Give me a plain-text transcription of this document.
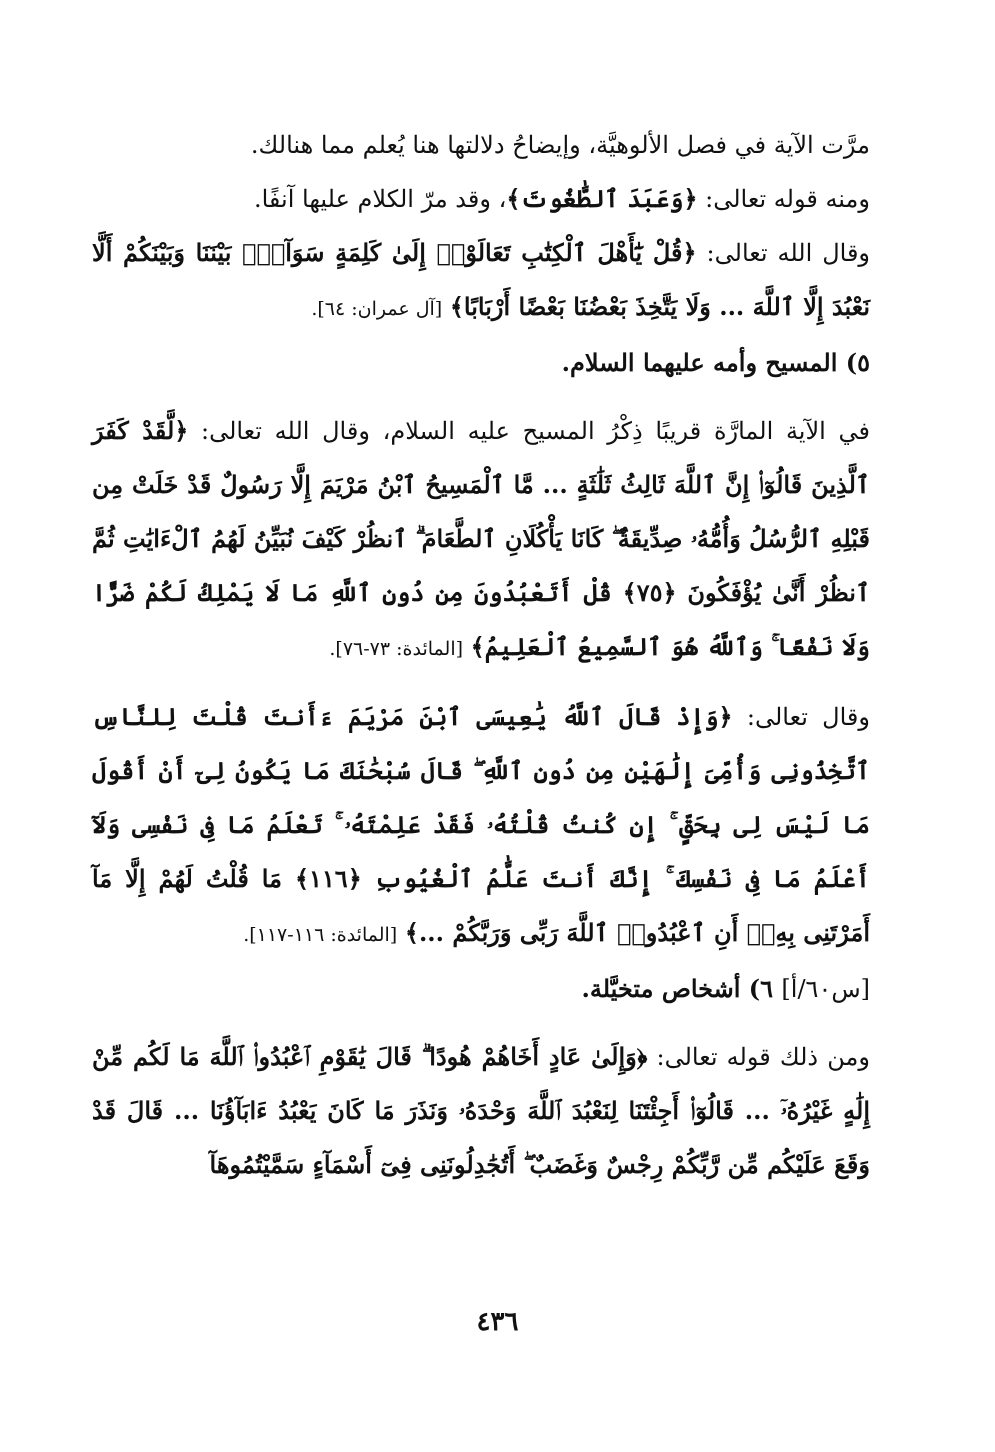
مرَّت الآية في فصل الألوهيَّة، وإيضاحُ دلالتها هنا يُعلم مما هنالك.

ومنه قوله تعالى: ﴿وَعَبَدَ ٱلطَّٰغُوتَ﴾، وقد مرّ الكلام عليها آنفًا.

وقال الله تعالى: ﴿قُلْ يَٰٓأَهْلَ ٱلْكِتَٰبِ تَعَالَوْا۟ إِلَىٰ كَلِمَةٍ سَوَآءٍۭ بَيْنَنَا وَبَيْنَكُمْ أَلَّا نَعْبُدَ إِلَّا ٱللَّهَ ... وَلَا يَتَّخِذَ بَعْضُنَا بَعْضًا أَرْبَابًا﴾ [آل عمران: ٦٤].

٥) المسيح وأمه عليهما السلام.

في الآية المارَّة قريبًا ذِكْرُ المسيح عليه السلام، وقال الله تعالى: ﴿لَّقَدْ كَفَرَ ٱلَّذِينَ قَالُوٓا۟ إِنَّ ٱللَّهَ ثَالِثُ ثَلَٰثَةٍ ... مَّا ٱلْمَسِيحُ ٱبْنُ مَرْيَمَ إِلَّا رَسُولٌ قَدْ خَلَتْ مِن قَبْلِهِ ٱلرُّسُلُ وَأُمُّهُۥ صِدِّيقَةٌ ۖ كَانَا يَأْكُلَانِ ٱلطَّعَامَ ۗ ٱنظُرْ كَيْفَ نُبَيِّنُ لَهُمُ ٱلْءَايَٰتِ ثُمَّ ٱنظُرْ أَنَّىٰ يُؤْفَكُونَ ﴿٧٥﴾ قُلْ أَتَعْبُدُونَ مِن دُونِ ٱللَّهِ مَا لَا يَمْلِكُ لَكُمْ ضَرًّا وَلَا نَفْعًا ۚ وَٱللَّهُ هُوَ ٱلسَّمِيعُ ٱلْعَلِيمُ﴾ [المائدة: ٧٣-٧٦].

وقال تعالى: ﴿وَإِذْ قَالَ ٱللَّهُ يَٰعِيسَى ٱبْنَ مَرْيَمَ ءَأَنتَ قُلْتَ لِلنَّاسِ ٱتَّخِذُونِى وَأُمِّىَ إِلَٰهَيْنِ مِن دُونِ ٱللَّهِ ۖ قَالَ سُبْحَٰنَكَ مَا يَكُونُ لِىٓ أَنْ أَقُولَ مَا لَيْسَ لِى بِحَقٍّ ۚ إِن كُنتُ قُلْتُهُۥ فَقَدْ عَلِمْتَهُۥ ۚ تَعْلَمُ مَا فِى نَفْسِى وَلَآ أَعْلَمُ مَا فِى نَفْسِكَ ۚ إِنَّكَ أَنتَ عَلَّٰمُ ٱلْغُيُوبِ ﴿١١٦﴾ مَا قُلْتُ لَهُمْ إِلَّا مَآ أَمَرْتَنِى بِهِۦٓ أَنِ ٱعْبُدُوا۟ ٱللَّهَ رَبِّى وَرَبَّكُمْ ...﴾ [المائدة: ١١٦-١١٧].

[س٦٠/أ] ٦) أشخاص متخيَّلة.

ومن ذلك قوله تعالى: ﴿وَإِلَىٰ عَادٍ أَخَاهُمْ هُودًا ۗ قَالَ يَٰقَوْمِ ٱعْبُدُوا۟ ٱللَّهَ مَا لَكُم مِّنْ إِلَٰهٍ غَيْرُهُۥٓ ... قَالُوٓا۟ أَجِئْتَنَا لِنَعْبُدَ ٱللَّهَ وَحْدَهُۥ وَنَذَرَ مَا كَانَ يَعْبُدُ ءَابَآؤُنَا ... قَالَ قَدْ وَقَعَ عَلَيْكُم مِّن رَّبِّكُمْ رِجْسٌ وَغَضَبٌ ۖ أَتُجَٰدِلُونَنِى فِىٓ أَسْمَآءٍ سَمَّيْتُمُوهَآ

٤٣٦
